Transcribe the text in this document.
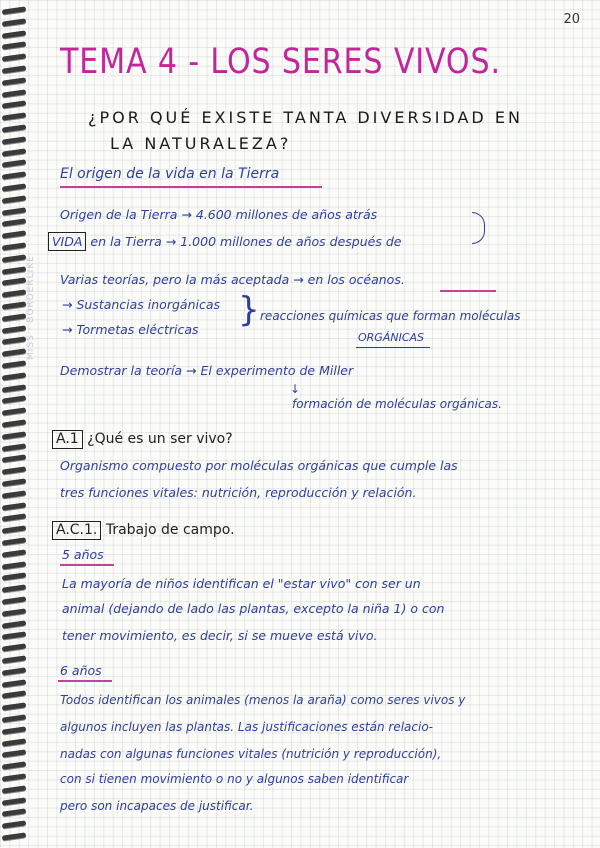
MISS · BORDERLIKE
20
TEMA 4 - LOS SERES VIVOS.
¿POR QUÉ EXISTE TANTA DIVERSIDAD EN
LA NATURALEZA?
El origen de la vida en la Tierra
Origen de la Tierra → 4.600 millones de años atrás
VIDA en la Tierra → 1.000 millones de años después de
Varias teorías, pero la más aceptada → en los océanos.
→ Sustancias inorgánicas
→ Tormetas eléctricas } reacciones químicas que forman moléculas
ORGÁNICAS
Demostrar la teoría → El experimento de Miller
↓
formación de moléculas orgánicas.
A.1 ¿Qué es un ser vivo?
Organismo compuesto por moléculas orgánicas que cumple las
tres funciones vitales: nutrición, reproducción y relación.
A.C.1. Trabajo de campo.
5 años
La mayoría de niños identifican el "estar vivo" con ser un
animal (dejando de lado las plantas, excepto la niña 1) o con
tener movimiento, es decir, si se mueve está vivo.
6 años
Todos identifican los animales (menos la araña) como seres vivos y
algunos incluyen las plantas. Las justificaciones están relacio-
nadas con algunas funciones vitales (nutrición y reproducción),
con si tienen movimiento o no y algunos saben identificar
pero son incapaces de justificar.
